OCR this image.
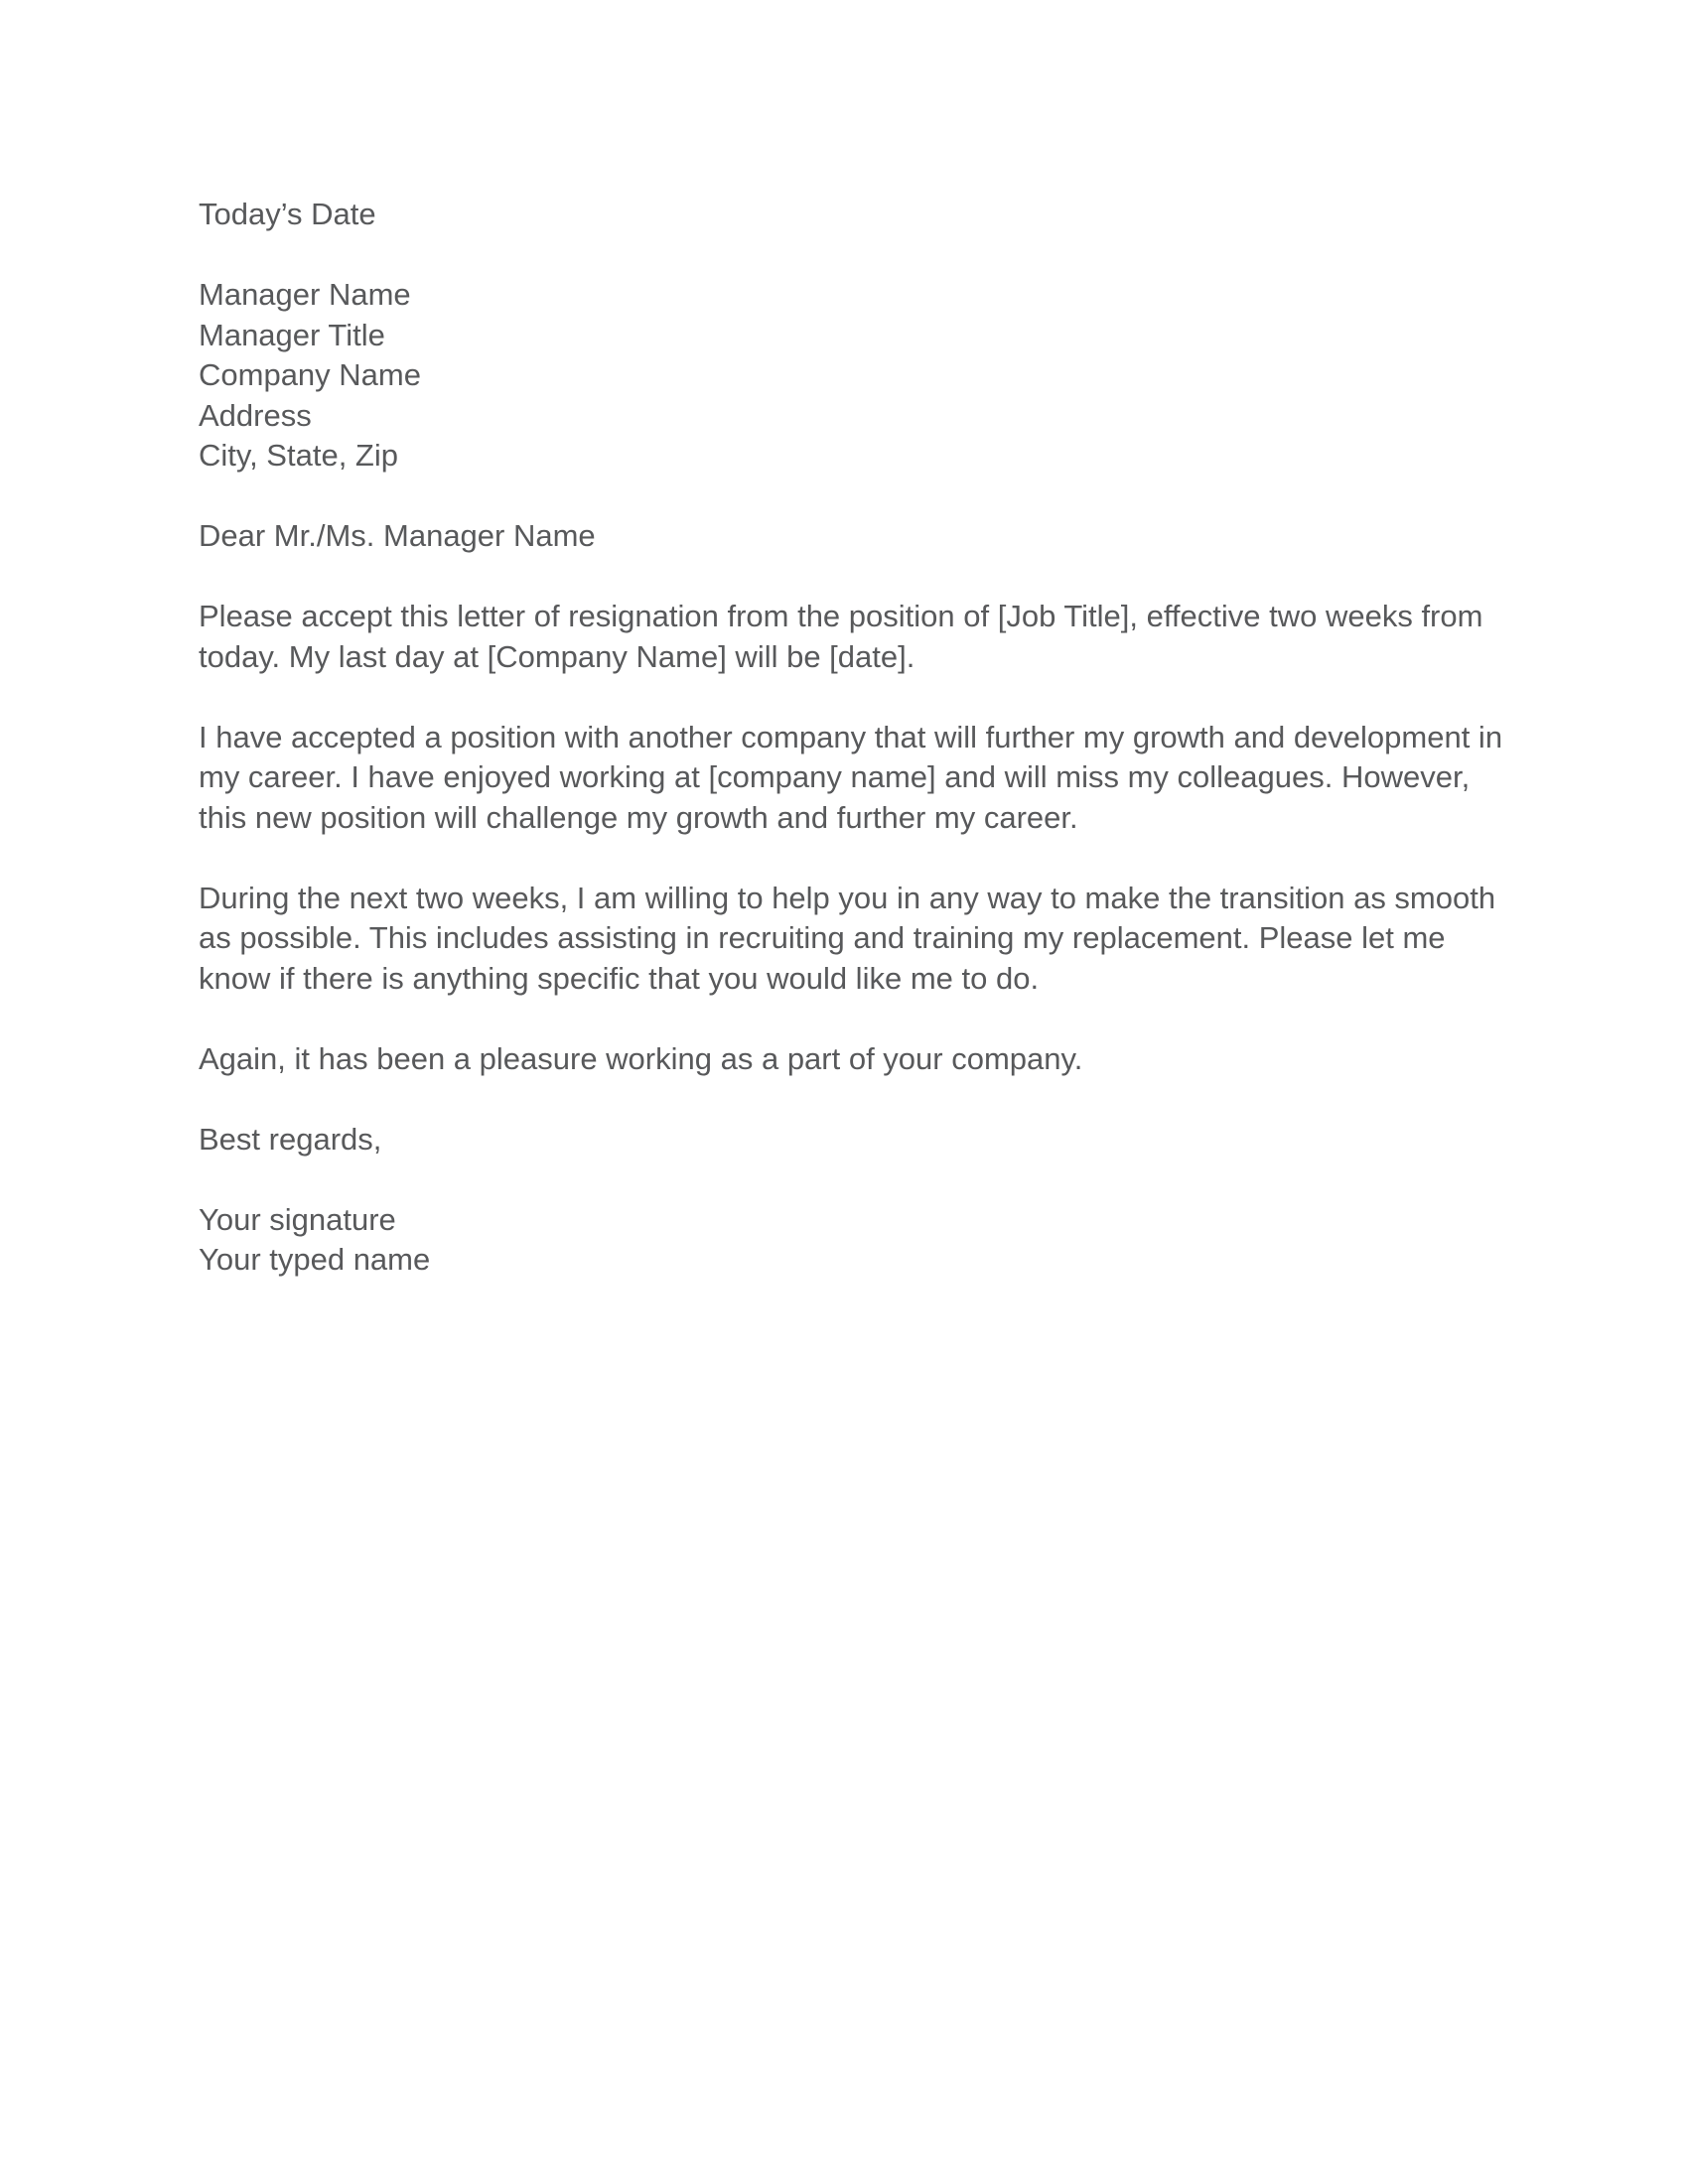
Today’s Date
Manager Name
Manager Title
Company Name
Address
City, State, Zip
Dear Mr./Ms. Manager Name
Please accept this letter of resignation from the position of [Job Title], effective two weeks from
today. My last day at [Company Name] will be [date].
I have accepted a position with another company that will further my growth and development in
my career. I have enjoyed working at [company name] and will miss my colleagues. However,
this new position will challenge my growth and further my career.
During the next two weeks, I am willing to help you in any way to make the transition as smooth
as possible. This includes assisting in recruiting and training my replacement. Please let me
know if there is anything specific that you would like me to do.
Again, it has been a pleasure working as a part of your company.
Best regards,
Your signature
Your typed name
